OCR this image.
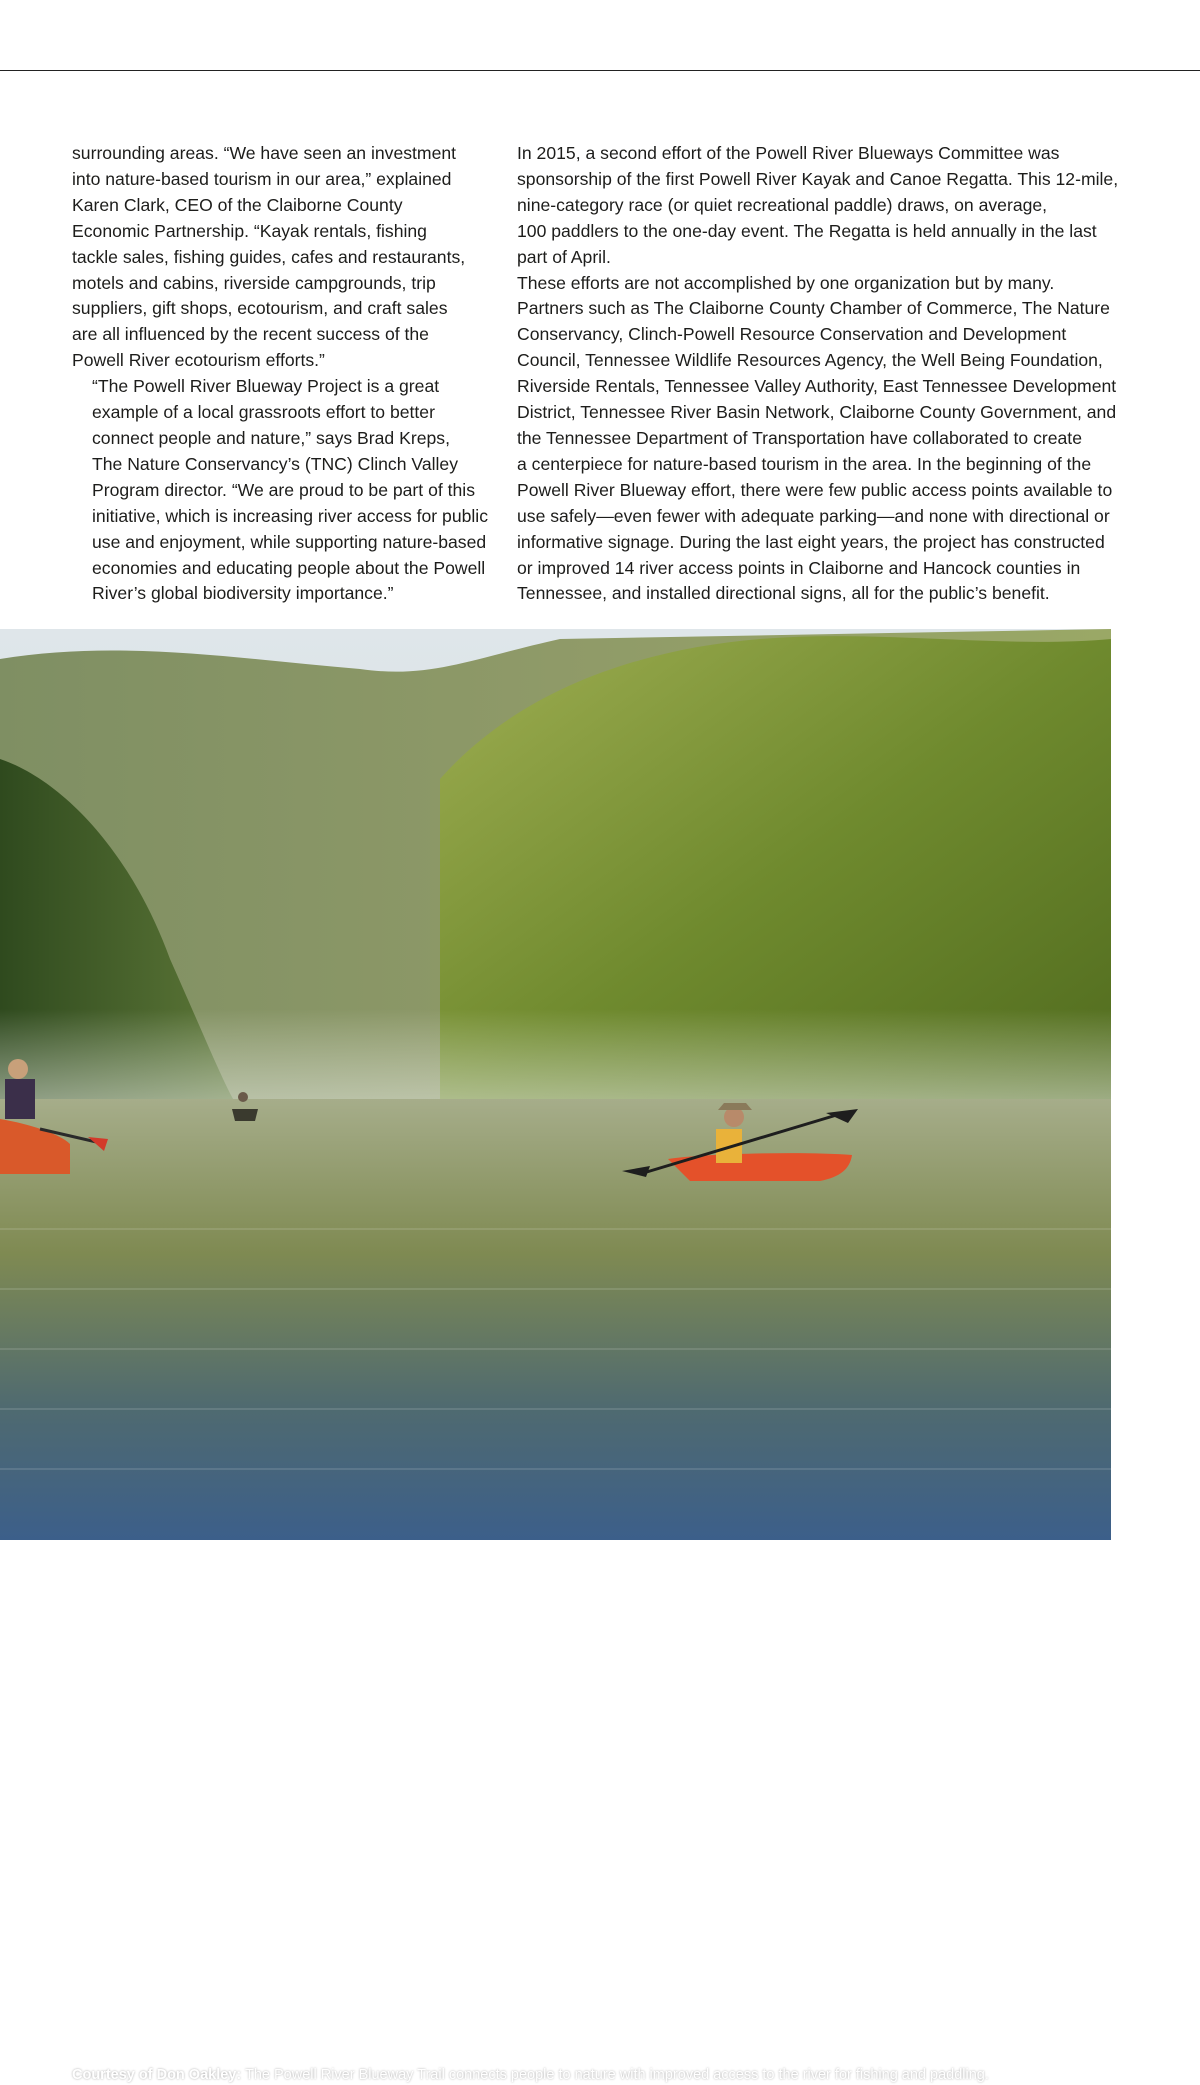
surrounding areas. “We have seen an investment
into nature-based tourism in our area,” explained
Karen Clark, CEO of the Claiborne County
Economic Partnership. “Kayak rentals, fishing
tackle sales, fishing guides, cafes and restaurants,
motels and cabins, riverside campgrounds, trip
suppliers, gift shops, ecotourism, and craft sales
are all influenced by the recent success of the
Powell River ecotourism efforts.”

“The Powell River Blueway Project is a great
example of a local grassroots effort to better
connect people and nature,” says Brad Kreps,
The Nature Conservancy’s (TNC) Clinch Valley
Program director. “We are proud to be part of this
initiative, which is increasing river access for public
use and enjoyment, while supporting nature-based
economies and educating people about the Powell
River’s global biodiversity importance.”

In 2015, a second effort of the Powell River Blueways Committee was
sponsorship of the first Powell River Kayak and Canoe Regatta. This 12-mile,
nine-category race (or quiet recreational paddle) draws, on average,
100 paddlers to the one-day event. The Regatta is held annually in the last
part of April.

These efforts are not accomplished by one organization but by many.
Partners such as The Claiborne County Chamber of Commerce, The Nature
Conservancy, Clinch-Powell Resource Conservation and Development
Council, Tennessee Wildlife Resources Agency, the Well Being Foundation,
Riverside Rentals, Tennessee Valley Authority, East Tennessee Development
District, Tennessee River Basin Network, Claiborne County Government, and
the Tennessee Department of Transportation have collaborated to create
a centerpiece for nature-based tourism in the area. In the beginning of the
Powell River Blueway effort, there were few public access points available to
use safely—even fewer with adequate parking—and none with directional or
informative signage. During the last eight years, the project has constructed
or improved 14 river access points in Claiborne and Hancock counties in
Tennessee, and installed directional signs, all for the public’s benefit.

Courtesy of Don Oakley: The Powell River Blueway Trail connects people to nature with improved access to the river for fishing and paddling.
